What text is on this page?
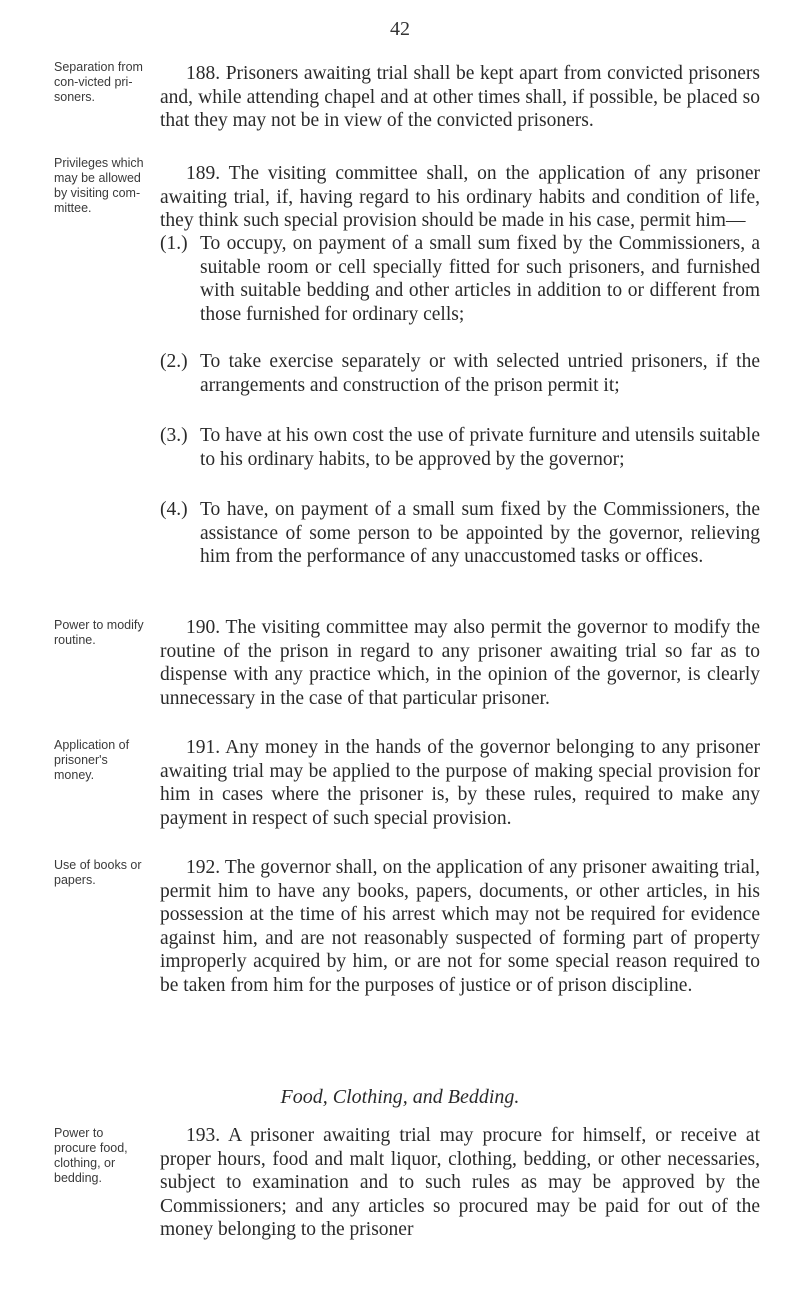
42
Separation from con-victed pri-soners.
Privileges which may be allowed by visiting com-mittee.
Power to modify routine.
Application of prisoner's money.
Use of books or papers.
Power to procure food, clothing, or bedding.

188. Prisoners awaiting trial shall be kept apart from convicted prisoners and, while attending chapel and at other times shall, if possible, be placed so that they may not be in view of the convicted prisoners.

189. The visiting committee shall, on the application of any prisoner awaiting trial, if, having regard to his ordinary habits and condition of life, they think such special provision should be made in his case, permit him—

(1.) To occupy, on payment of a small sum fixed by the Commissioners, a suitable room or cell specially fitted for such prisoners, and furnished with suitable bedding and other articles in addition to or different from those furnished for ordinary cells;

(2.) To take exercise separately or with selected untried prisoners, if the arrangements and construction of the prison permit it;

(3.) To have at his own cost the use of private furniture and utensils suitable to his ordinary habits, to be approved by the governor;

(4.) To have, on payment of a small sum fixed by the Commissioners, the assistance of some person to be appointed by the governor, relieving him from the performance of any unaccustomed tasks or offices.

190. The visiting committee may also permit the governor to modify the routine of the prison in regard to any prisoner awaiting trial so far as to dispense with any practice which, in the opinion of the governor, is clearly unnecessary in the case of that particular prisoner.

191. Any money in the hands of the governor belonging to any prisoner awaiting trial may be applied to the purpose of making special provision for him in cases where the prisoner is, by these rules, required to make any payment in respect of such special provision.

192. The governor shall, on the application of any prisoner awaiting trial, permit him to have any books, papers, documents, or other articles, in his possession at the time of his arrest which may not be required for evidence against him, and are not reasonably suspected of forming part of property improperly acquired by him, or are not for some special reason required to be taken from him for the purposes of justice or of prison discipline.

Food, Clothing, and Bedding.

193. A prisoner awaiting trial may procure for himself, or receive at proper hours, food and malt liquor, clothing, bedding, or other necessaries, subject to examination and to such rules as may be approved by the Commissioners; and any articles so procured may be paid for out of the money belonging to the prisoner
